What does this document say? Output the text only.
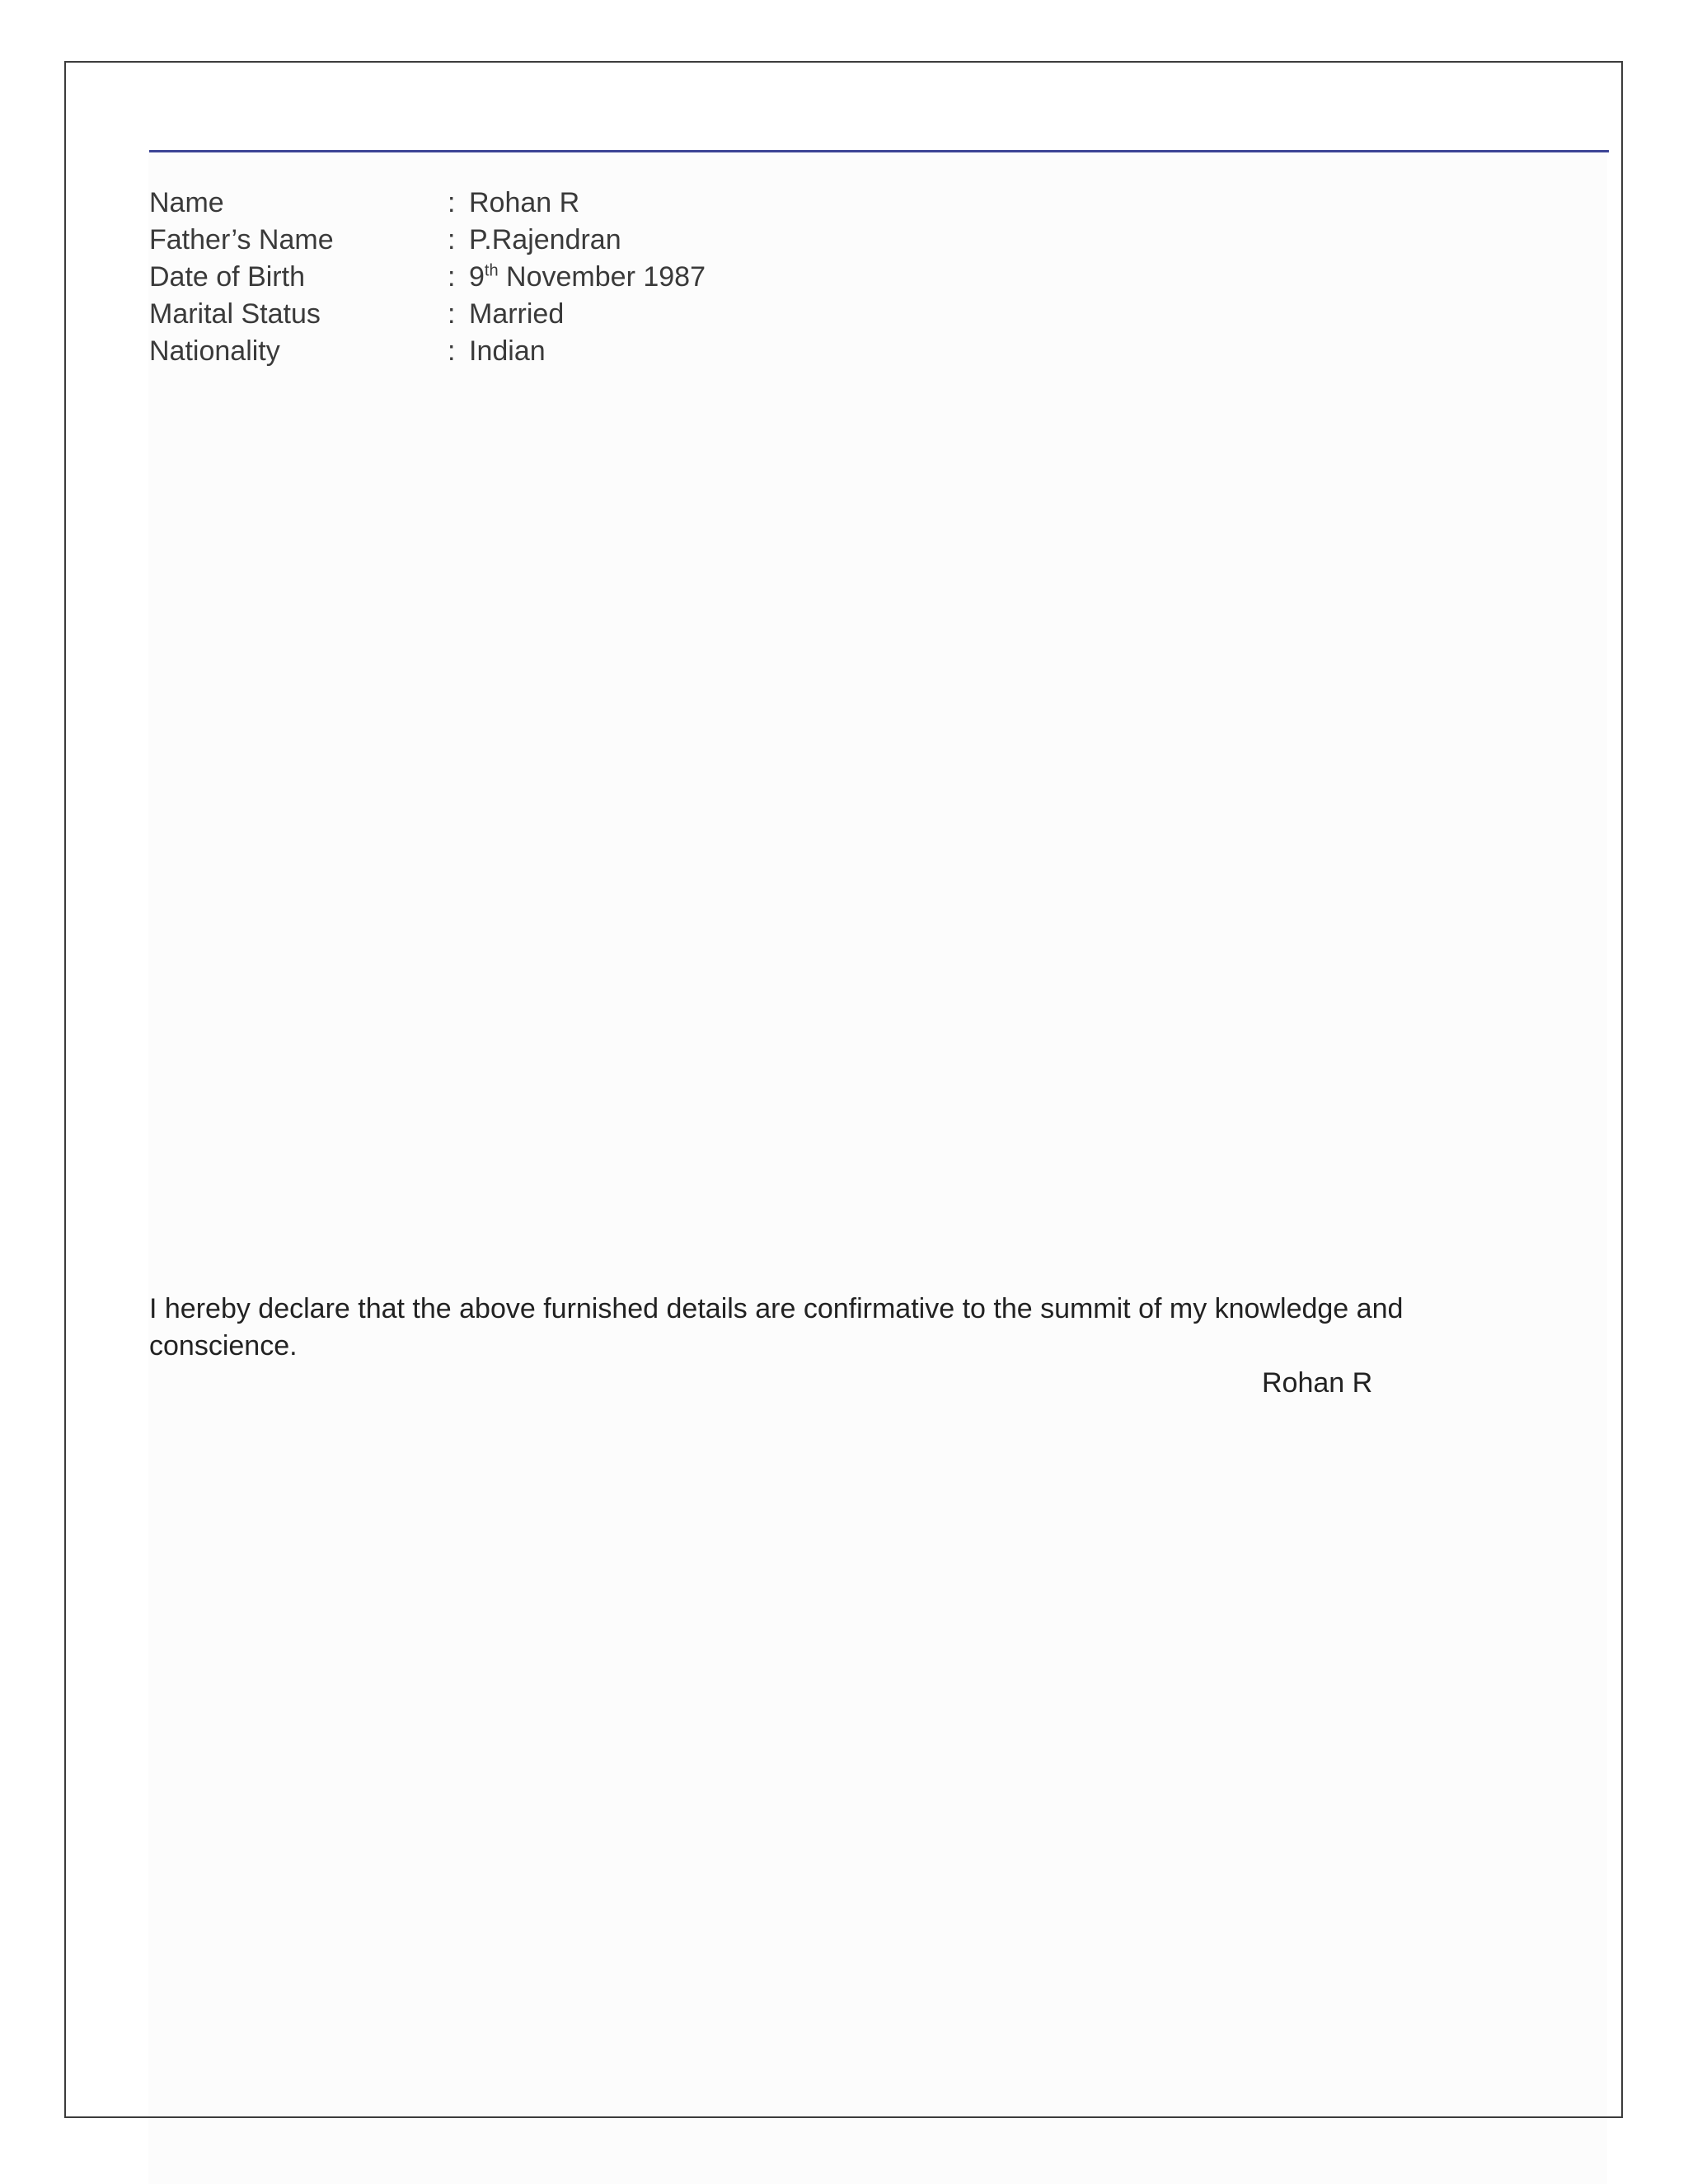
Name	: Rohan R
Father’s Name	: P.Rajendran
Date of Birth	: 9th November 1987
Marital Status	: Married
Nationality	: Indian
I hereby declare that the above furnished details are confirmative to the summit of my knowledge and conscience.
Rohan R
